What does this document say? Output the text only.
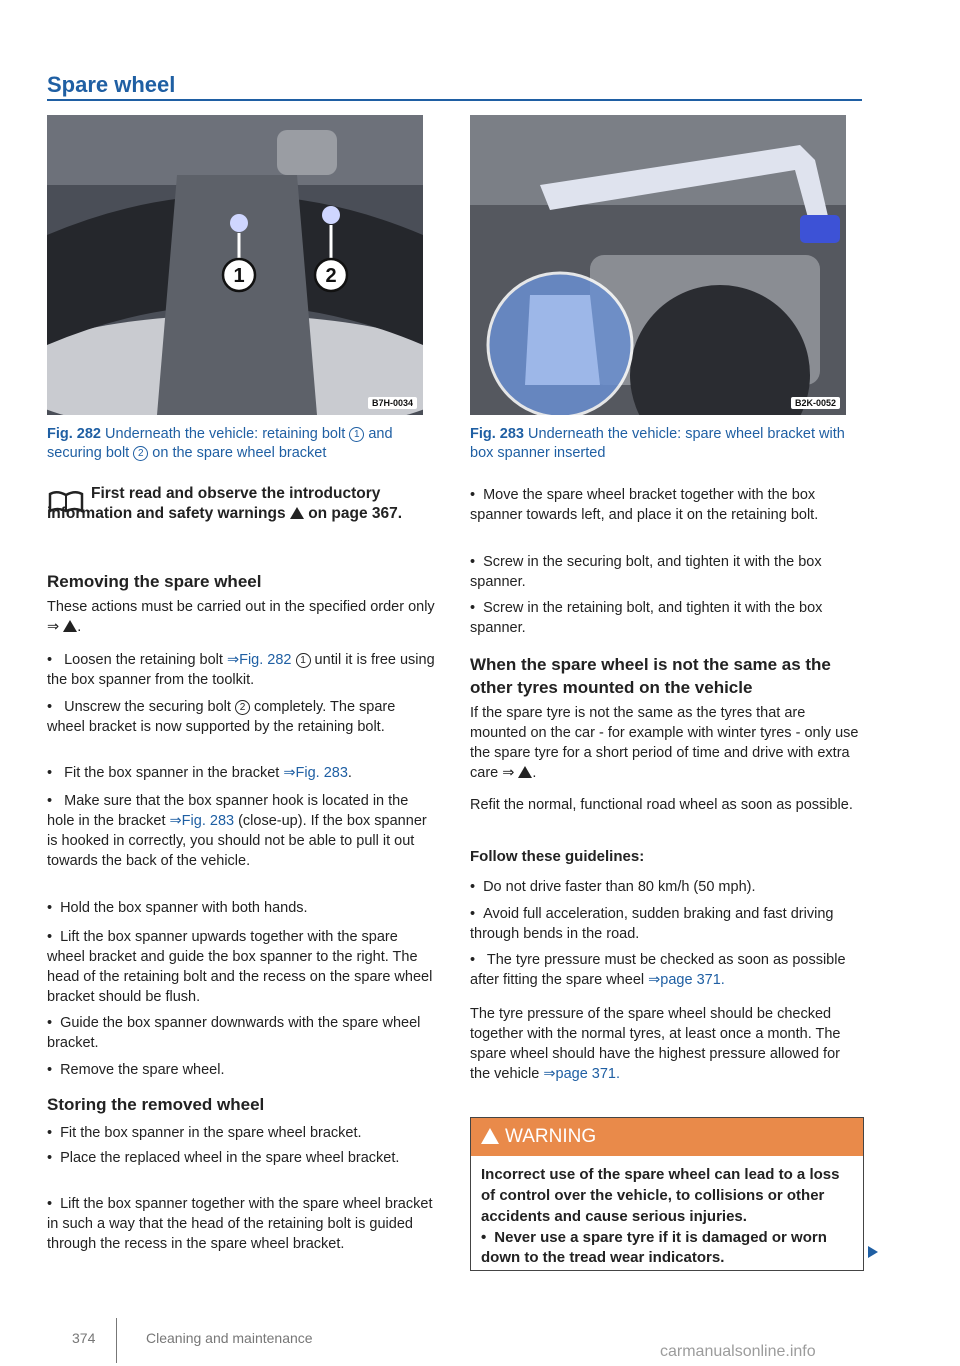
Spare wheel
1	2
B7H-0034
Fig. 282 Underneath the vehicle: retaining bolt 1 and securing bolt 2 on the spare wheel bracket
First read and observe the introductory information and safety warnings on page 367.
Removing the spare wheel
These actions must be carried out in the specified order only ⇒ .
• Loosen the retaining bolt ⇒Fig. 282 1 until it is free using the box spanner from the toolkit.
• Unscrew the securing bolt 2 completely. The spare wheel bracket is now supported by the retaining bolt.
• Fit the box spanner in the bracket ⇒Fig. 283.
• Make sure that the box spanner hook is located in the hole in the bracket ⇒Fig. 283 (close-up). If the box spanner is hooked in correctly, you should not be able to pull it out towards the back of the vehicle.
• Hold the box spanner with both hands.
• Lift the box spanner upwards together with the spare wheel bracket and guide the box spanner to the right. The head of the retaining bolt and the recess on the spare wheel bracket should be flush.
• Guide the box spanner downwards with the spare wheel bracket.
• Remove the spare wheel.
Storing the removed wheel
• Fit the box spanner in the spare wheel bracket.
• Place the replaced wheel in the spare wheel bracket.
• Lift the box spanner together with the spare wheel bracket in such a way that the head of the retaining bolt is guided through the recess in the spare wheel bracket.
B2K-0052
Fig. 283 Underneath the vehicle: spare wheel bracket with box spanner inserted
• Move the spare wheel bracket together with the box spanner towards left, and place it on the retaining bolt.
• Screw in the securing bolt, and tighten it with the box spanner.
• Screw in the retaining bolt, and tighten it with the box spanner.
When the spare wheel is not the same as the other tyres mounted on the vehicle
If the spare tyre is not the same as the tyres that are mounted on the car - for example with winter tyres - only use the spare tyre for a short period of time and drive with extra care ⇒ .
Refit the normal, functional road wheel as soon as possible.
Follow these guidelines:
• Do not drive faster than 80 km/h (50 mph).
• Avoid full acceleration, sudden braking and fast driving through bends in the road.
• The tyre pressure must be checked as soon as possible after fitting the spare wheel ⇒page 371.
The tyre pressure of the spare wheel should be checked together with the normal tyres, at least once a month. The spare wheel should have the highest pressure allowed for the vehicle ⇒page 371.
WARNING
Incorrect use of the spare wheel can lead to a loss of control over the vehicle, to collisions or other accidents and cause serious injuries.
• Never use a spare tyre if it is damaged or worn down to the tread wear indicators.
374	Cleaning and maintenance
carmanualsonline.info
